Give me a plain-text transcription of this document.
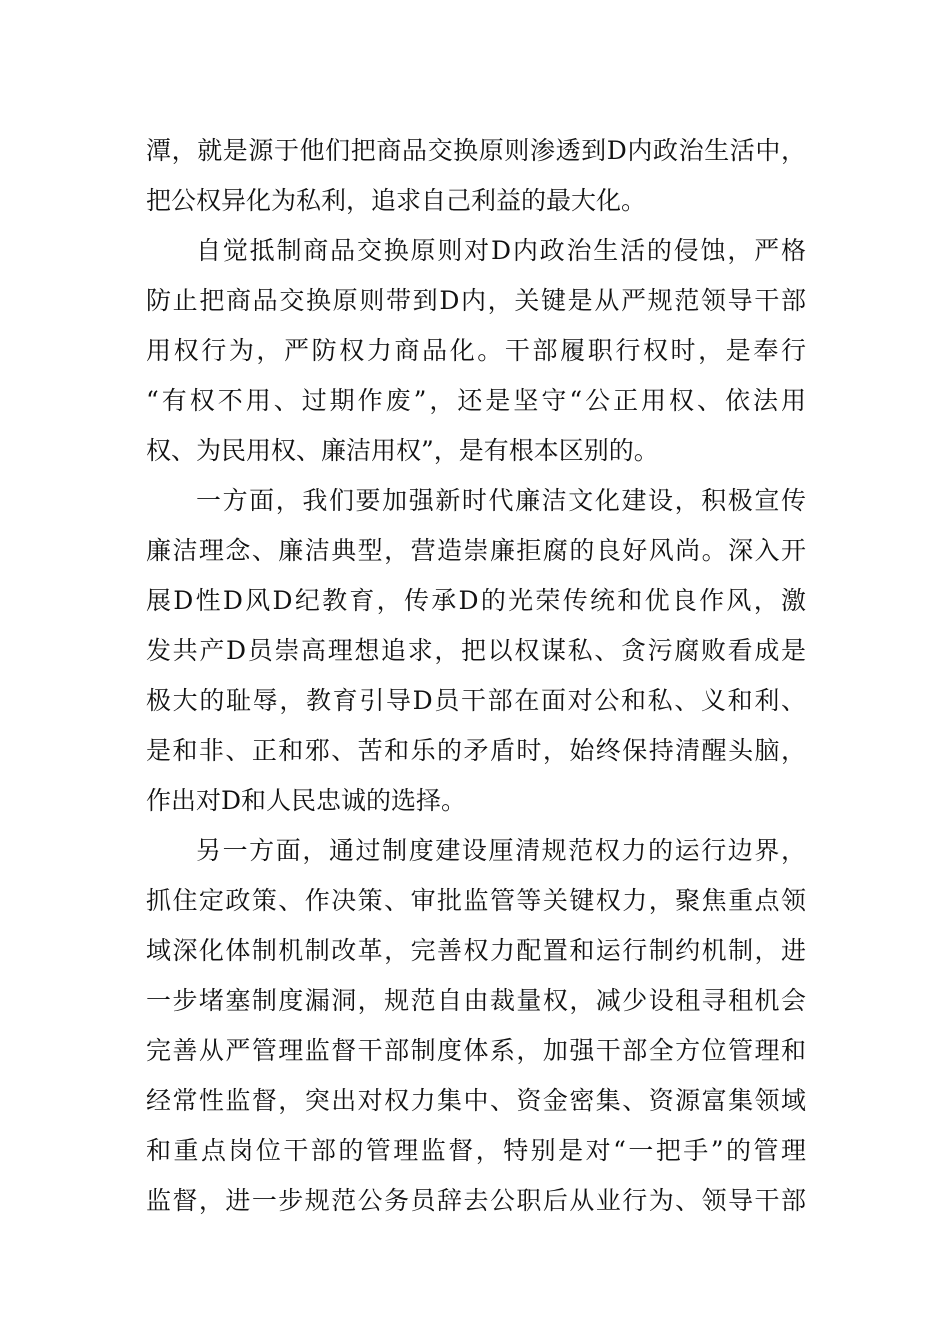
潭，就是源于他们把商品交换原则渗透到D内政治生活中，
把公权异化为私利，追求自己利益的最大化。
自觉抵制商品交换原则对D内政治生活的侵蚀，严格
防止把商品交换原则带到D内，关键是从严规范领导干部
用权行为，严防权力商品化。干部履职行权时，是奉行
“有权不用、过期作废”，还是坚守“公正用权、依法用
权、为民用权、廉洁用权”，是有根本区别的。
一方面，我们要加强新时代廉洁文化建设，积极宣传
廉洁理念、廉洁典型，营造崇廉拒腐的良好风尚。深入开
展D性D风D纪教育，传承D的光荣传统和优良作风，激
发共产D员崇高理想追求，把以权谋私、贪污腐败看成是
极大的耻辱，教育引导D员干部在面对公和私、义和利、
是和非、正和邪、苦和乐的矛盾时，始终保持清醒头脑，
作出对D和人民忠诚的选择。
另一方面，通过制度建设厘清规范权力的运行边界，
抓住定政策、作决策、审批监管等关键权力，聚焦重点领
域深化体制机制改革，完善权力配置和运行制约机制，进
一步堵塞制度漏洞，规范自由裁量权，减少设租寻租机会
完善从严管理监督干部制度体系，加强干部全方位管理和
经常性监督，突出对权力集中、资金密集、资源富集领域
和重点岗位干部的管理监督，特别是对“一把手”的管理
监督，进一步规范公务员辞去公职后从业行为、领导干部
